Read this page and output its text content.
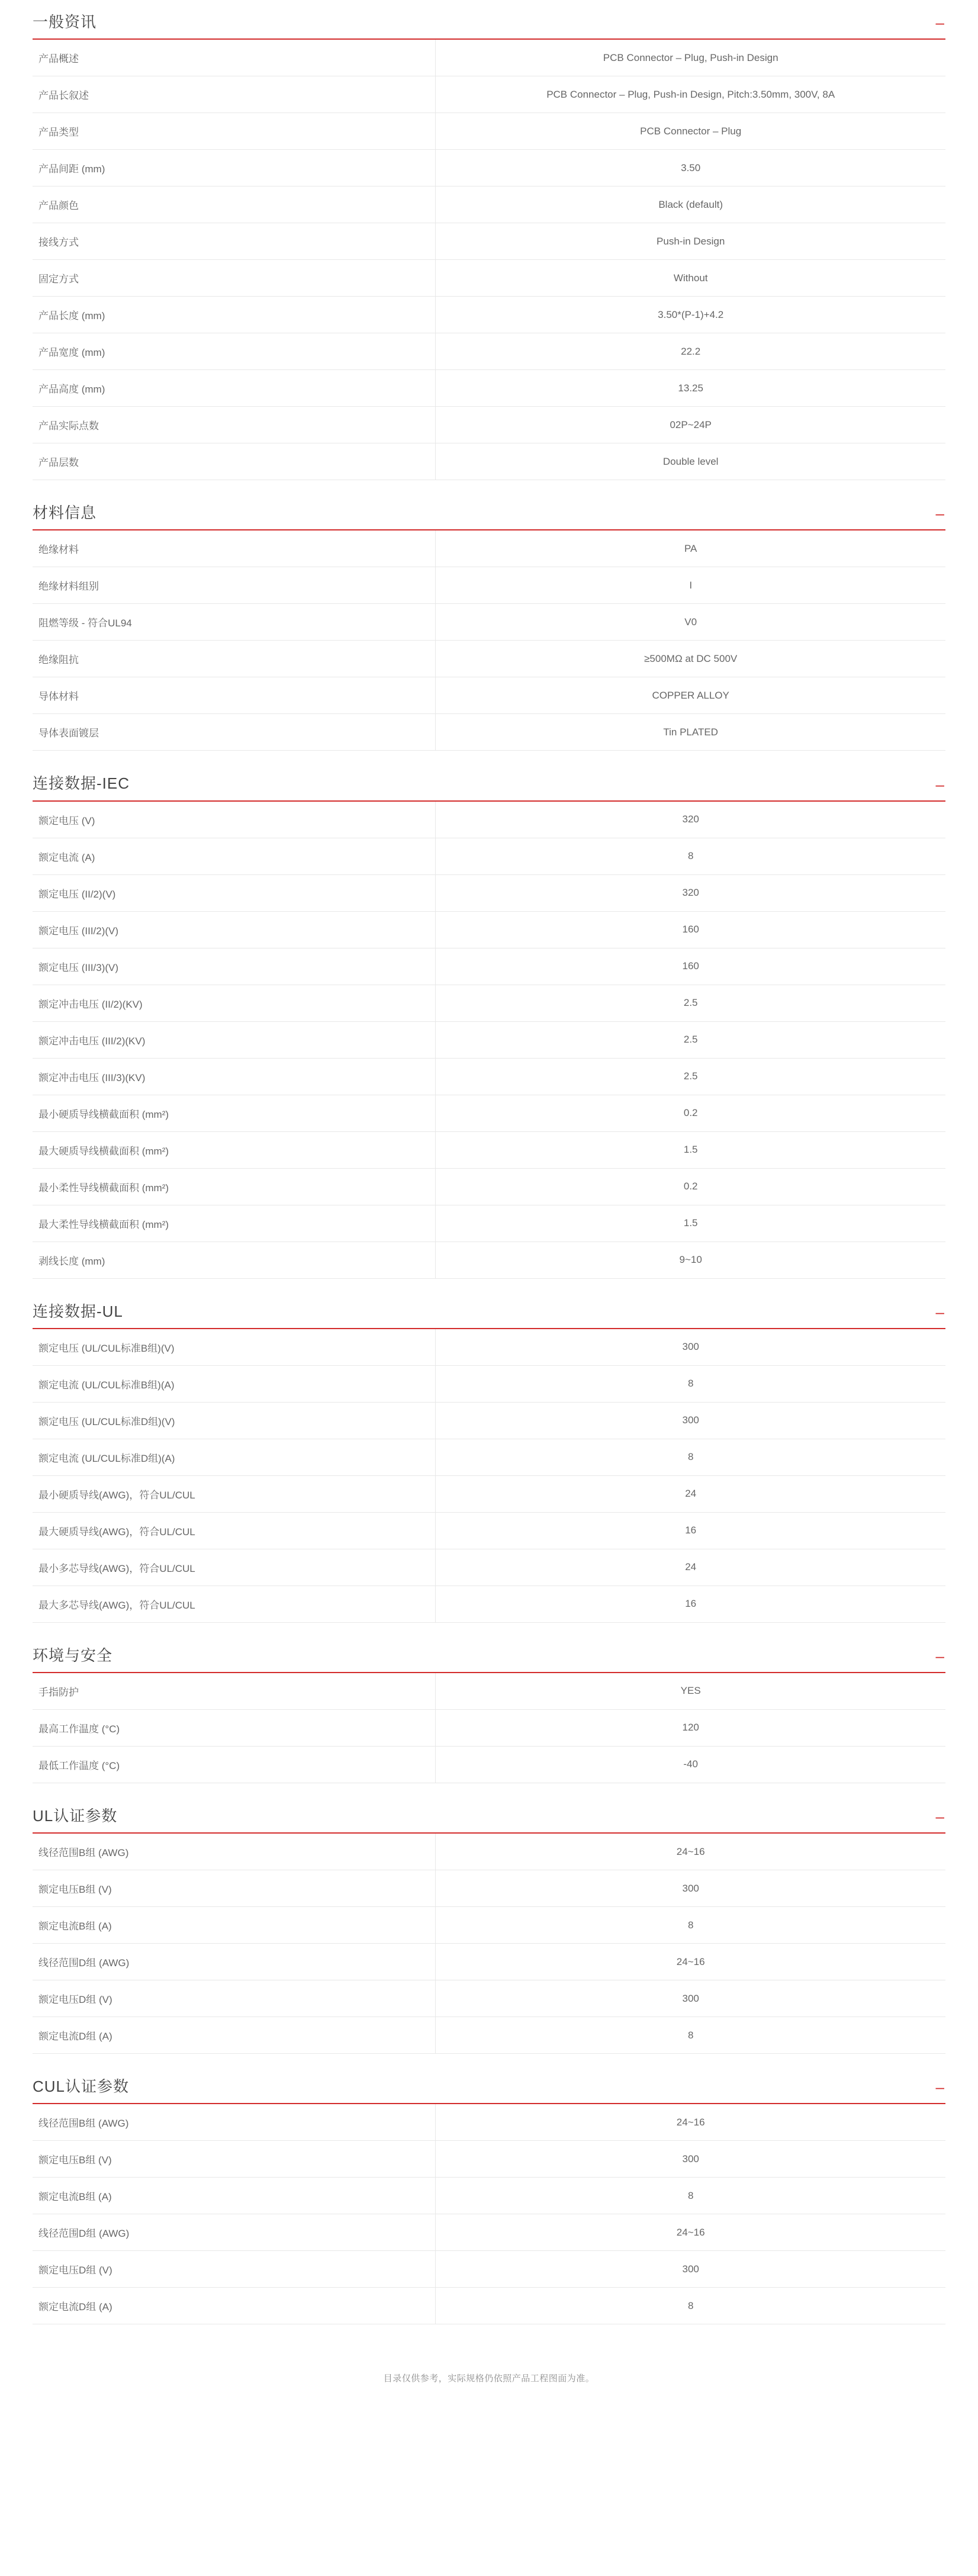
一般资讯	–
产品概述	PCB Connector – Plug, Push-in Design
产品长叙述	PCB Connector – Plug, Push-in Design, Pitch:3.50mm, 300V, 8A
产品类型	PCB Connector – Plug
产品间距 (mm)	3.50
产品颜色	Black (default)
接线方式	Push-in Design
固定方式	Without
产品长度 (mm)	3.50*(P-1)+4.2
产品宽度 (mm)	22.2
产品高度 (mm)	13.25
产品实际点数	02P~24P
产品层数	Double level
材料信息	–
绝缘材料	PA
绝缘材料组别	I
阻燃等级 - 符合UL94	V0
绝缘阻抗	≥500MΩ at DC 500V
导体材料	COPPER ALLOY
导体表面镀层	Tin PLATED
连接数据-IEC	–
额定电压 (V)	320
额定电流 (A)	8
额定电压 (II/2)(V)	320
额定电压 (III/2)(V)	160
额定电压 (III/3)(V)	160
额定冲击电压 (II/2)(KV)	2.5
额定冲击电压 (III/2)(KV)	2.5
额定冲击电压 (III/3)(KV)	2.5
最小硬质导线横截面积 (mm²)	0.2
最大硬质导线横截面积 (mm²)	1.5
最小柔性导线横截面积 (mm²)	0.2
最大柔性导线横截面积 (mm²)	1.5
剥线长度 (mm)	9~10
连接数据-UL	–
额定电压 (UL/CUL标准B组)(V)	300
额定电流 (UL/CUL标准B组)(A)	8
额定电压 (UL/CUL标准D组)(V)	300
额定电流 (UL/CUL标准D组)(A)	8
最小硬质导线(AWG)，符合UL/CUL	24
最大硬质导线(AWG)，符合UL/CUL	16
最小多芯导线(AWG)，符合UL/CUL	24
最大多芯导线(AWG)，符合UL/CUL	16
环境与安全	–
手指防护	YES
最高工作温度 (°C)	120
最低工作温度 (°C)	-40
UL认证参数	–
线径范围B组 (AWG)	24~16
额定电压B组 (V)	300
额定电流B组 (A)	8
线径范围D组 (AWG)	24~16
额定电压D组 (V)	300
额定电流D组 (A)	8
CUL认证参数	–
线径范围B组 (AWG)	24~16
额定电压B组 (V)	300
额定电流B组 (A)	8
线径范围D组 (AWG)	24~16
额定电压D组 (V)	300
额定电流D组 (A)	8
目录仅供参考，实际规格仍依照产品工程图面为准。
